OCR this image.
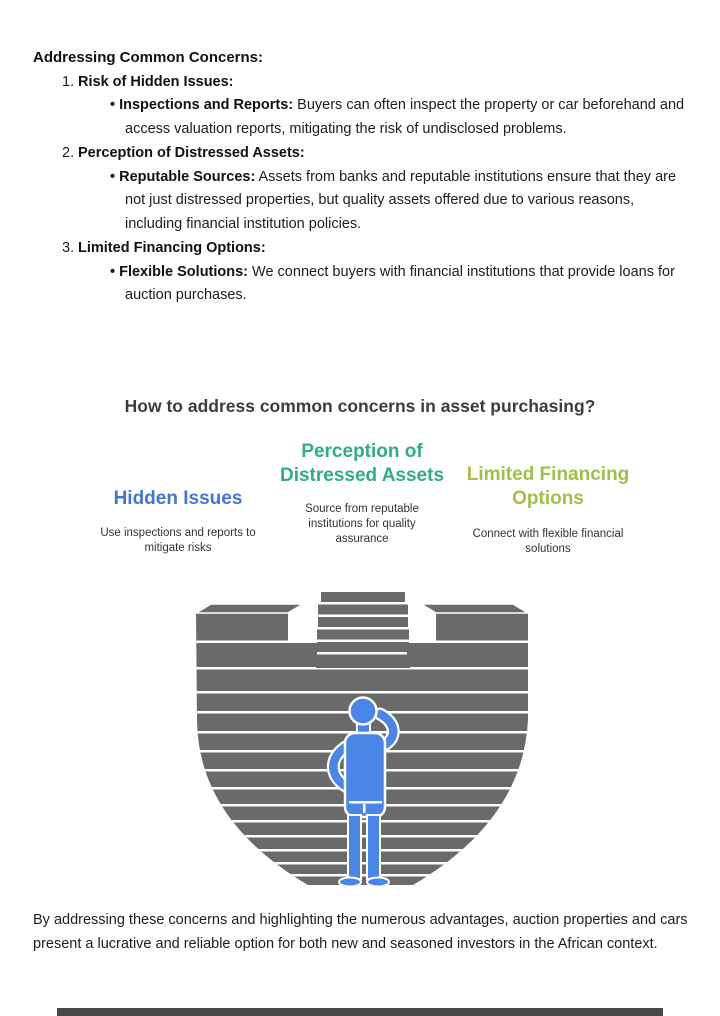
Addressing Common Concerns:
1. Risk of Hidden Issues:
• Inspections and Reports: Buyers can often inspect the property or car beforehand and access valuation reports, mitigating the risk of undisclosed problems.
2. Perception of Distressed Assets:
• Reputable Sources: Assets from banks and reputable institutions ensure that they are not just distressed properties, but quality assets offered due to various reasons, including financial institution policies.
3. Limited Financing Options:
• Flexible Solutions: We connect buyers with financial institutions that provide loans for auction purchases.
How to address common concerns in asset purchasing?
Hidden Issues
Use inspections and reports to mitigate risks
Perception of Distressed Assets
Source from reputable institutions for quality assurance
Limited Financing Options
Connect with flexible financial solutions
By addressing these concerns and highlighting the numerous advantages, auction properties and cars present a lucrative and reliable option for both new and seasoned investors in the African context.
